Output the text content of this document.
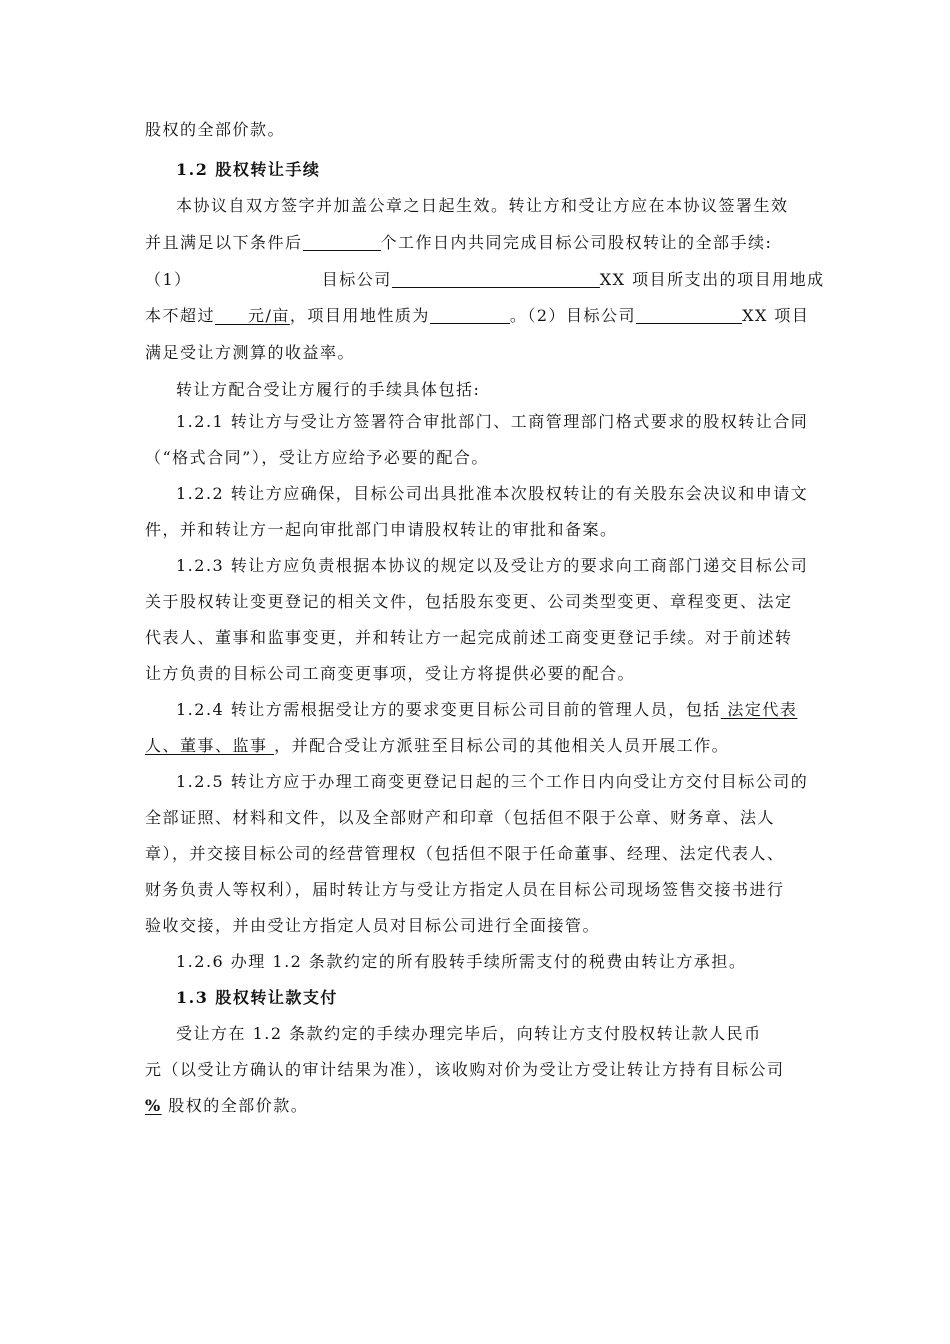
股权的全部价款。
1.2 股权转让手续
本协议自双方签字并加盖公章之日起生效。转让方和受让方应在本协议签署生效
并且满足以下条件后	个工作日内共同完成目标公司股权转让的全部手续:
（1）	目标公司	XX 项目所支出的项目用地成
本不超过 元/亩，项目用地性质为	。（2）目标公司	XX 项目
满足受让方测算的收益率。
转让方配合受让方履行的手续具体包括:
1.2.1 转让方与受让方签署符合审批部门、工商管理部门格式要求的股权转让合同
（“格式合同”），受让方应给予必要的配合。
1.2.2 转让方应确保，目标公司出具批准本次股权转让的有关股东会决议和申请文
件，并和转让方一起向审批部门申请股权转让的审批和备案。
1.2.3 转让方应负责根据本协议的规定以及受让方的要求向工商部门递交目标公司
关于股权转让变更登记的相关文件，包括股东变更、公司类型变更、章程变更、法定
代表人、董事和监事变更，并和转让方一起完成前述工商变更登记手续。对于前述转
让方负责的目标公司工商变更事项，受让方将提供必要的配合。
1.2.4 转让方需根据受让方的要求变更目标公司目前的管理人员，包括 法定代表
人、董事、监事 ，并配合受让方派驻至目标公司的其他相关人员开展工作。
1.2.5 转让方应于办理工商变更登记日起的三个工作日内向受让方交付目标公司的
全部证照、材料和文件，以及全部财产和印章（包括但不限于公章、财务章、法人
章），并交接目标公司的经营管理权（包括但不限于任命董事、经理、法定代表人、
财务负责人等权利），届时转让方与受让方指定人员在目标公司现场签售交接书进行
验收交接，并由受让方指定人员对目标公司进行全面接管。
1.2.6 办理 1.2 条款约定的所有股转手续所需支付的税费由转让方承担。
1.3 股权转让款支付
受让方在 1.2 条款约定的手续办理完毕后，向转让方支付股权转让款人民币
元（以受让方确认的审计结果为准），该收购对价为受让方受让转让方持有目标公司
% 股权的全部价款。
